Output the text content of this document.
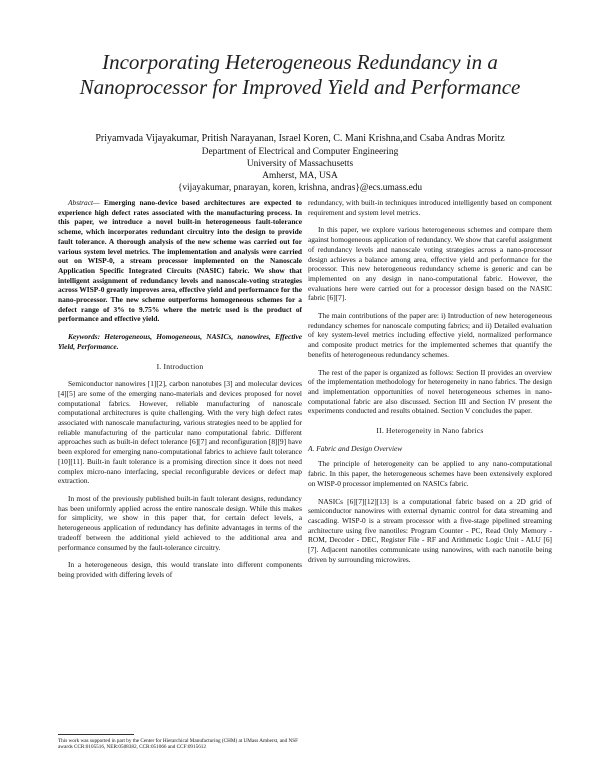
Incorporating Heterogeneous Redundancy in a
Nanoprocessor for Improved Yield and Performance
Priyamvada Vijayakumar, Pritish Narayanan, Israel Koren, C. Mani Krishna,and Csaba Andras Moritz
Department of Electrical and Computer Engineering
University of Massachusetts
Amherst, MA, USA
{vijayakumar, pnarayan, koren, krishna, andras}@ecs.umass.edu

Abstract— Emerging nano-device based architectures are expected to experience high defect rates associated with the manufacturing process. In this paper, we introduce a novel built-in heterogeneous fault-tolerance scheme, which incorporates redundant circuitry into the design to provide fault tolerance. A thorough analysis of the new scheme was carried out for various system level metrics. The implementation and analysis were carried out on WISP-0, a stream processor implemented on the Nanoscale Application Specific Integrated Circuits (NASIC) fabric. We show that intelligent assignment of redundancy levels and nanoscale-voting strategies across WISP-0 greatly improves area, effective yield and performance for the nano-processor. The new scheme outperforms homogeneous schemes for a defect range of 3% to 9.75% where the metric used is the product of performance and effective yield.

Keywords: Heterogeneous, Homogeneous, NASICs, nanowires, Effective Yield, Performance.

I. Introduction

Semiconductor nanowires [1][2], carbon nanotubes [3] and molecular devices [4][5] are some of the emerging nano-materials and devices proposed for novel computational fabrics. However, reliable manufacturing of nanoscale computational architectures is quite challenging. With the very high defect rates associated with nanoscale manufacturing, various strategies need to be applied for reliable manufacturing of the particular nano computational fabric. Different approaches such as built-in defect tolerance [6][7] and reconfiguration [8][9] have been explored for emerging nano-computational fabrics to achieve fault tolerance [10][11]. Built-in fault tolerance is a promising direction since it does not need complex micro-nano interfacing, special reconfigurable devices or defect map extraction.

In most of the previously published built-in fault tolerant designs, redundancy has been uniformly applied across the entire nanoscale design. While this makes for simplicity, we show in this paper that, for certain defect levels, a heterogeneous application of redundancy has definite advantages in terms of the tradeoff between the additional yield achieved to the additional area and performance consumed by the fault-tolerance circuitry.

In a heterogeneous design, this would translate into different components being provided with differing levels of

redundancy, with built-in techniques introduced intelligently based on component requirement and system level metrics.

In this paper, we explore various heterogeneous schemes and compare them against homogeneous application of redundancy. We show that careful assignment of redundancy levels and nanoscale voting strategies across a nano-processor design achieves a balance among area, effective yield and performance for the processor. This new heterogeneous redundancy scheme is generic and can be implemented on any design in nano-computational fabric. However, the evaluations here were carried out for a processor design based on the NASIC fabric [6][7].

The main contributions of the paper are: i) Introduction of new heterogeneous redundancy schemes for nanoscale computing fabrics; and ii) Detailed evaluation of key system-level metrics including effective yield, normalized performance and composite product metrics for the implemented schemes that quantify the benefits of heterogeneous redundancy schemes.

The rest of the paper is organized as follows: Section II provides an overview of the implementation methodology for heterogeneity in nano fabrics. The design and implementation opportunities of novel heterogeneous schemes in nano-computational fabric are also discussed. Section III and Section IV present the experiments conducted and results obtained. Section V concludes the paper.

II. Heterogeneity in Nano fabrics
A. Fabric and Design Overview

The principle of heterogeneity can be applied to any nano-computational fabric. In this paper, the heterogeneous schemes have been extensively explored on WISP-0 processor implemented on NASICs fabric.

NASICs [6][7][12][13] is a computational fabric based on a 2D grid of semiconductor nanowires with external dynamic control for data streaming and cascading. WISP-0 is a stream processor with a five-stage pipelined streaming architecture using five nanotiles: Program Counter - PC, Read Only Memory - ROM, Decoder - DEC, Register File - RF and Arithmetic Logic Unit - ALU [6][7]. Adjacent nanotiles communicate using nanowires, with each nanotile being driven by surrounding microwires.

This work was supported in part by the Center for Hierarchical Manufacturing (CHM) at UMass Amherst, and NSF awards CCR:0105516, NER:0508382, CCR:051066 and CCF:0915612
